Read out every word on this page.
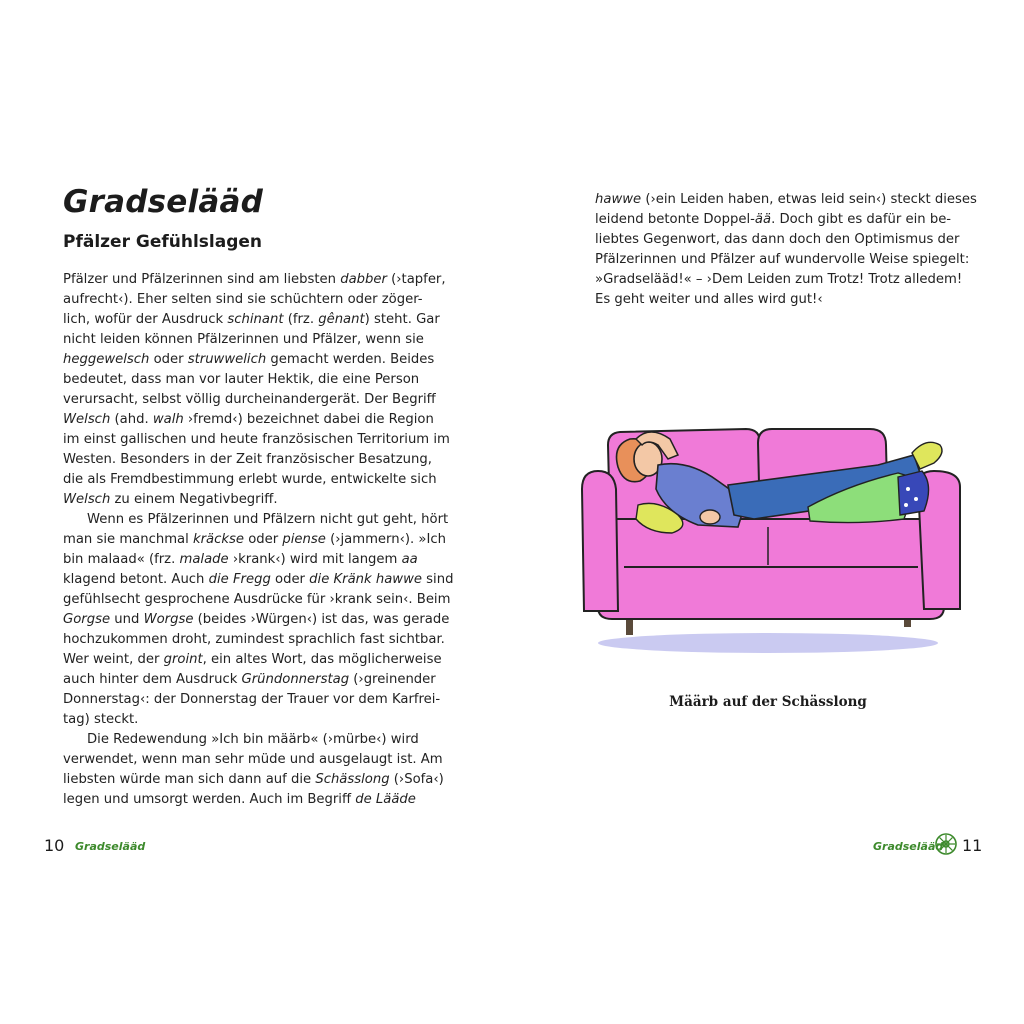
Gradselääd
Pfälzer Gefühlslagen
Pfälzer und Pfälzerinnen sind am liebsten dabber (›tapfer,
aufrecht‹). Eher selten sind sie schüchtern oder zöger-
lich, wofür der Ausdruck schinant (frz. gênant) steht. Gar
nicht leiden können Pfälzerinnen und Pfälzer, wenn sie
heggewelsch oder struwwelich gemacht werden. Beides
bedeutet, dass man vor lauter Hektik, die eine Person
verursacht, selbst völlig durcheinandergerät. Der Begriff
Welsch (ahd. walh ›fremd‹) bezeichnet dabei die Region
im einst gallischen und heute französischen Territorium im
Westen. Besonders in der Zeit französischer Besatzung,
die als Fremdbestimmung erlebt wurde, entwickelte sich
Welsch zu einem Negativbegriff.
Wenn es Pfälzerinnen und Pfälzern nicht gut geht, hört
man sie manchmal kräckse oder piense (›jammern‹). »Ich
bin malaad« (frz. malade ›krank‹) wird mit langem aa
klagend betont. Auch die Fregg oder die Kränk hawwe sind
gefühlsecht gesprochene Ausdrücke für ›krank sein‹. Beim
Gorgse und Worgse (beides ›Würgen‹) ist das, was gerade
hochzukommen droht, zumindest sprachlich fast sichtbar.
Wer weint, der groint, ein altes Wort, das möglicherweise
auch hinter dem Ausdruck Gründonnerstag (›greinender
Donnerstag‹: der Donnerstag der Trauer vor dem Karfrei-
tag) steckt.
Die Redewendung »Ich bin määrb« (›mürbe‹) wird
verwendet, wenn man sehr müde und ausgelaugt ist. Am
liebsten würde man sich dann auf die Schässlong (›Sofa‹)
legen und umsorgt werden. Auch im Begriff de Lääde
10 Gradselääd
hawwe (›ein Leiden haben, etwas leid sein‹) steckt dieses
leidend betonte Doppel-ää. Doch gibt es dafür ein be-
liebtes Gegenwort, das dann doch den Optimismus der
Pfälzerinnen und Pfälzer auf wundervolle Weise spiegelt:
»Gradselääd!« – ›Dem Leiden zum Trotz! Trotz alledem!
Es geht weiter und alles wird gut!‹
Määrb auf der Schässlong
Gradselääd 11
